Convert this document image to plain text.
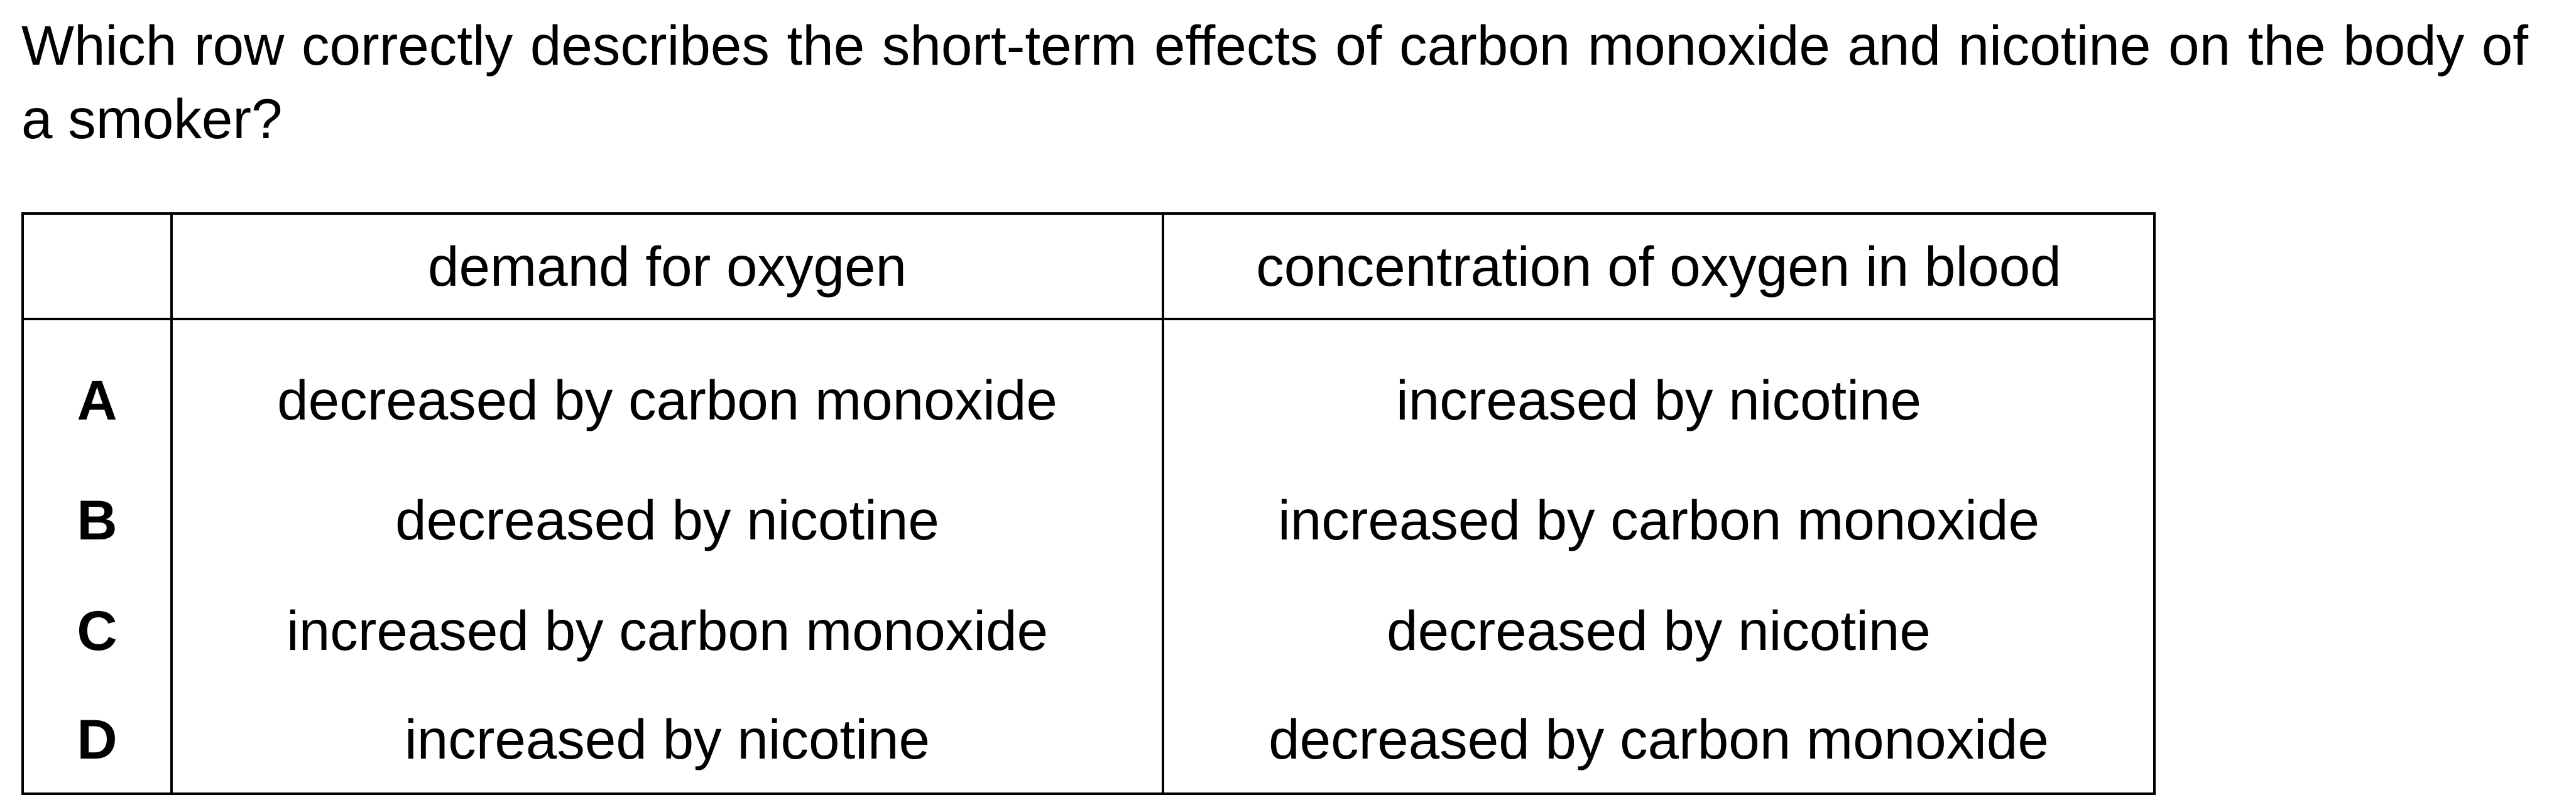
Which row correctly describes the short-term effects of carbon monoxide and nicotine on the body of a smoker?

	demand for oxygen	concentration of oxygen in blood
A	decreased by carbon monoxide	increased by nicotine
B	decreased by nicotine	increased by carbon monoxide
C	increased by carbon monoxide	decreased by nicotine
D	increased by nicotine	decreased by carbon monoxide
